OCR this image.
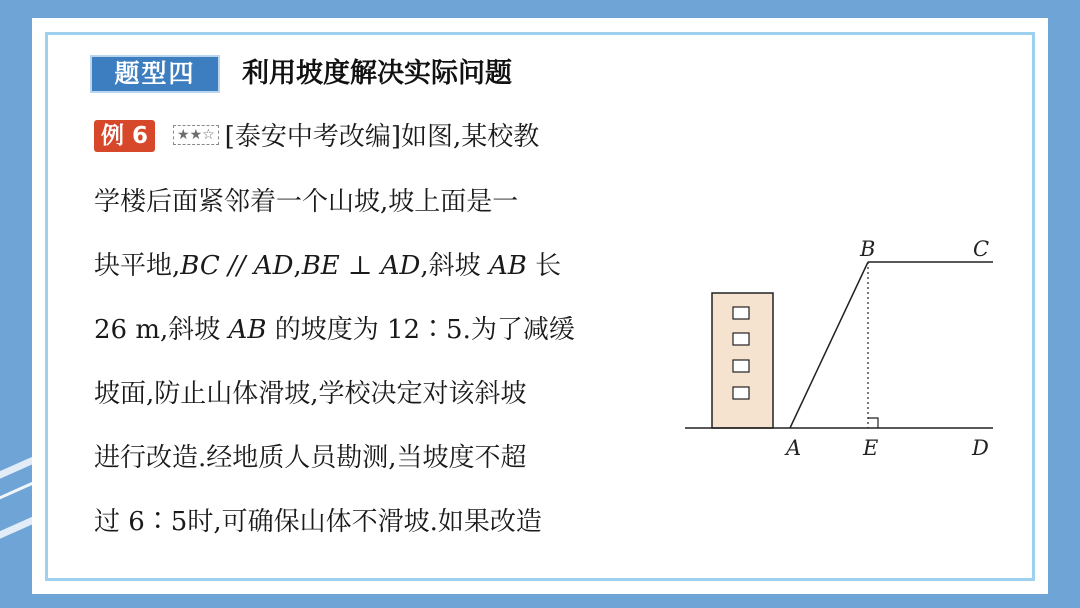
题型四	利用坡度解决实际问题
例 6 ★★☆ [泰安中考改编]如图,某校教
学楼后面紧邻着一个山坡,坡上面是一
块平地,BC // AD,BE ⊥ AD,斜坡 AB 长
26 m,斜坡 AB 的坡度为 12∶5.为了减缓
坡面,防止山体滑坡,学校决定对该斜坡
进行改造.经地质人员勘测,当坡度不超
过 6∶5时,可确保山体不滑坡.如果改造
A
B	C
D
E
